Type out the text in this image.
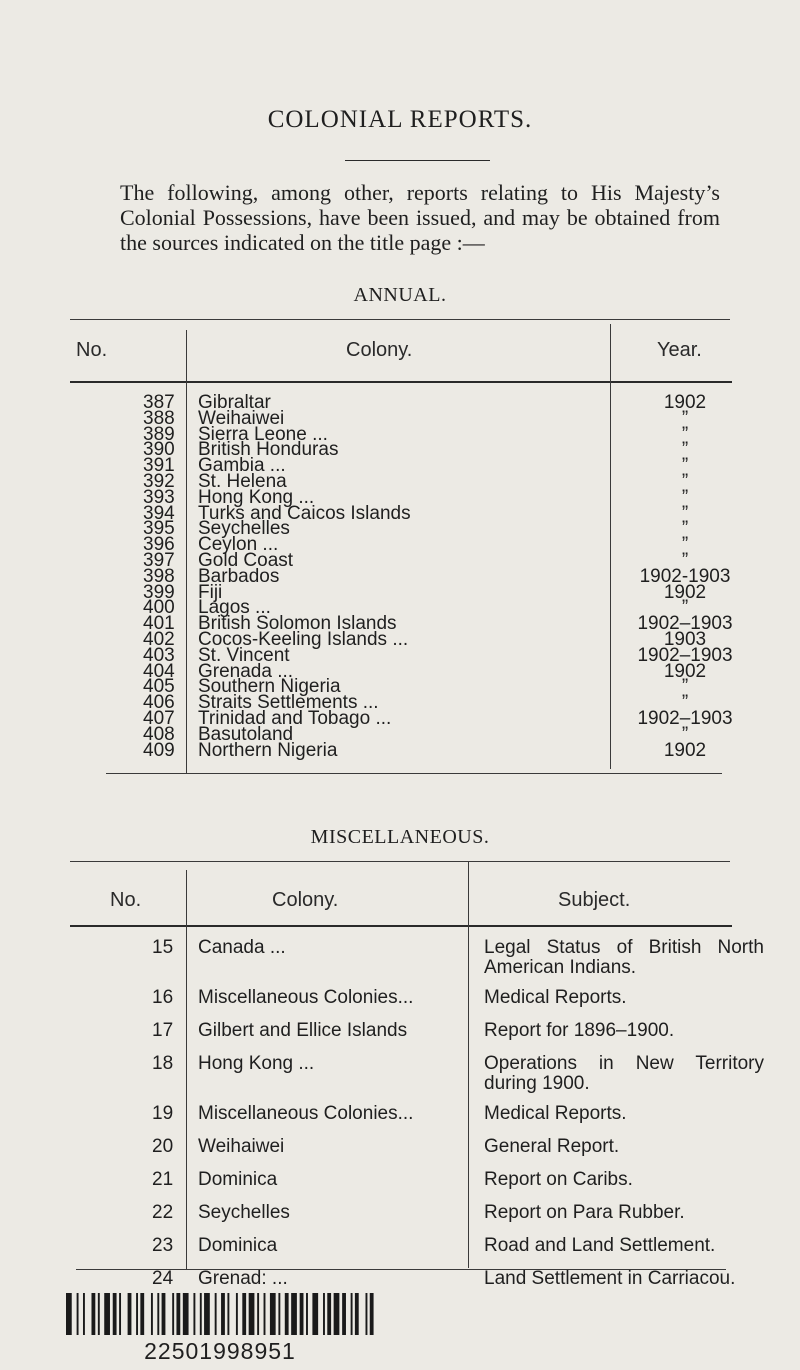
COLONIAL REPORTS.
The following, among other, reports relating to His Majesty’s Colonial Possessions, have been issued, and may be obtained from the sources indicated on the title page :—
ANNUAL.
No.	Colony.	Year.
387 Gibraltar	1902
388 Weihaiwei	”
389 Sierra Leone ...	”
390 British Honduras	”
391 Gambia ...	”
392 St. Helena	”
393 Hong Kong ...	”
394 Turks and Caicos Islands	”
395 Seychelles	”
396 Ceylon ...	”
397 Gold Coast	”
398 Barbados	1902-1903
399 Fiji	1902
400 Lagos ...	”
401 British Solomon Islands	1902–1903
402 Cocos-Keeling Islands ...	1903
403 St. Vincent	1902–1903
404 Grenada ...	1902
405 Southern Nigeria	”
406 Straits Settlements ...	”
407 Trinidad and Tobago ...	1902–1903
408 Basutoland	”
409 Northern Nigeria	1902
MISCELLANEOUS.
No.	Colony.	Subject.
15 Canada ...	Legal Status of British North American Indians.
16 Miscellaneous Colonies...	Medical Reports.
17 Gilbert and Ellice Islands	Report for 1896–1900.
18 Hong Kong ...	Operations in New Territory during 1900.
19 Miscellaneous Colonies...	Medical Reports.
20 Weihaiwei	General Report.
21 Dominica	Report on Caribs.
22 Seychelles	Report on Para Rubber.
23 Dominica	Road and Land Settlement.
24 Grenad: ...	Land Settlement in Carriacou.
22501998951
